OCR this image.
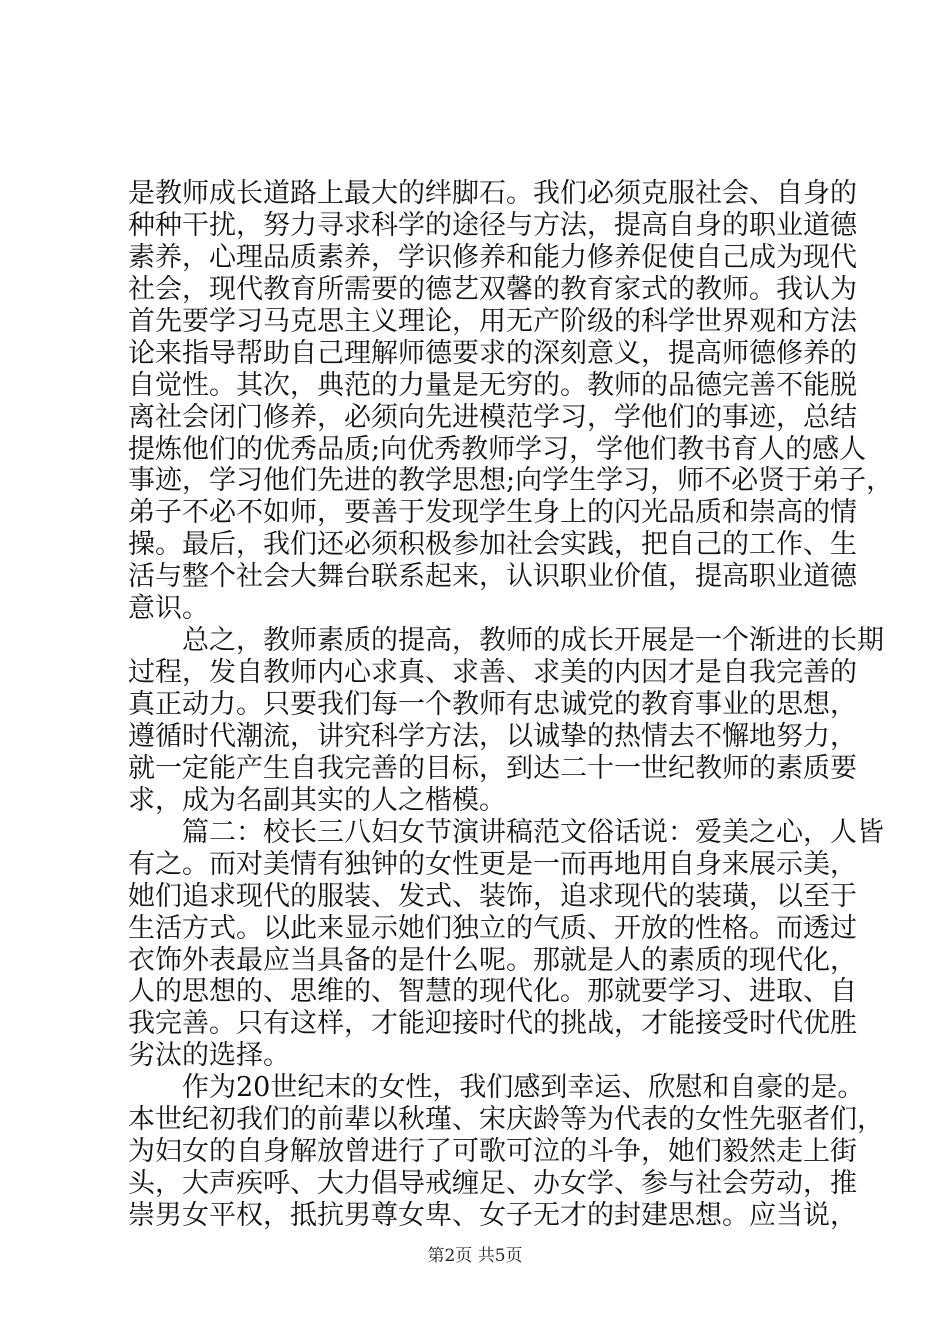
是教师成长道路上最大的绊脚石。我们必须克服社会、自身的
种种干扰，努力寻求科学的途径与方法，提高自身的职业道德
素养，心理品质素养，学识修养和能力修养促使自己成为现代
社会，现代教育所需要的德艺双馨的教育家式的教师。我认为
首先要学习马克思主义理论，用无产阶级的科学世界观和方法
论来指导帮助自己理解师德要求的深刻意义，提高师德修养的
自觉性。其次，典范的力量是无穷的。教师的品德完善不能脱
离社会闭门修养，必须向先进模范学习，学他们的事迹，总结
提炼他们的优秀品质;向优秀教师学习，学他们教书育人的感人
事迹，学习他们先进的教学思想;向学生学习，师不必贤于弟子，
弟子不必不如师，要善于发现学生身上的闪光品质和崇高的情
操。最后，我们还必须积极参加社会实践，把自己的工作、生
活与整个社会大舞台联系起来，认识职业价值，提高职业道德
意识。
总之，教师素质的提高，教师的成长开展是一个渐进的长期
过程，发自教师内心求真、求善、求美的内因才是自我完善的
真正动力。只要我们每一个教师有忠诚党的教育事业的思想，
遵循时代潮流，讲究科学方法，以诚挚的热情去不懈地努力，
就一定能产生自我完善的目标，到达二十一世纪教师的素质要
求，成为名副其实的人之楷模。
篇二：校长三八妇女节演讲稿范文俗话说：爱美之心，人皆
有之。而对美情有独钟的女性更是一而再地用自身来展示美，
她们追求现代的服装、发式、装饰，追求现代的装璜，以至于
生活方式。以此来显示她们独立的气质、开放的性格。而透过
衣饰外表最应当具备的是什么呢。那就是人的素质的现代化，
人的思想的、思维的、智慧的现代化。那就要学习、进取、自
我完善。只有这样，才能迎接时代的挑战，才能接受时代优胜
劣汰的选择。
作为20世纪末的女性，我们感到幸运、欣慰和自豪的是。
本世纪初我们的前辈以秋瑾、宋庆龄等为代表的女性先驱者们，
为妇女的自身解放曾进行了可歌可泣的斗争，她们毅然走上街
头，大声疾呼、大力倡导戒缠足、办女学、参与社会劳动，推
崇男女平权，抵抗男尊女卑、女子无才的封建思想。应当说，
第2页 共5页
